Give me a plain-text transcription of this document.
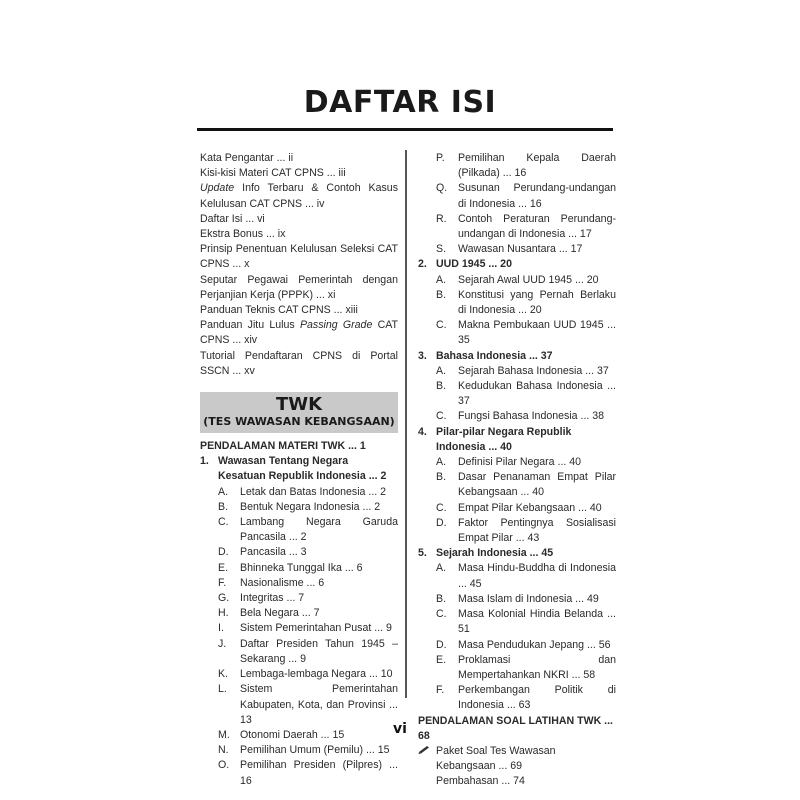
DAFTAR ISI
Kata Pengantar ... ii
Kisi-kisi Materi CAT CPNS ... iii
Update Info Terbaru & Contoh Kasus Kelulusan CAT CPNS ... iv
Daftar Isi ... vi
Ekstra Bonus ... ix
Prinsip Penentuan Kelulusan Seleksi CAT CPNS ... x
Seputar Pegawai Pemerintah dengan Perjanjian Kerja (PPPK) ... xi
Panduan Teknis CAT CPNS ... xiii
Panduan Jitu Lulus Passing Grade CAT CPNS ... xiv
Tutorial Pendaftaran CPNS di Portal SSCN ... xv
TWK
(TES WAWASAN KEBANGSAAN)
PENDALAMAN MATERI TWK ... 1
1. Wawasan Tentang Negara Kesatuan Republik Indonesia ... 2
A.	Letak dan Batas Indonesia ... 2
B.	Bentuk Negara Indonesia ... 2
C.	Lambang Negara Garuda Pancasila ... 2
D.	Pancasila ... 3
E.	Bhinneka Tunggal Ika ... 6
F.	Nasionalisme ... 6
G.	Integritas ... 7
H.	Bela Negara ... 7
I.	Sistem Pemerintahan Pusat ... 9
J.	Daftar Presiden Tahun 1945 – Sekarang ... 9
K.	Lembaga-lembaga Negara ... 10
L.	Sistem Pemerintahan Kabupaten, Kota, dan Provinsi ... 13
M. Otonomi Daerah ... 15
N.	Pemilihan Umum (Pemilu) ... 15
O.	Pemilihan Presiden (Pilpres) ... 16
P.	Pemilihan Kepala Daerah (Pilkada) ... 16
Q.	Susunan Perundang-undangan di Indonesia ... 16
R.	Contoh Peraturan Perundang-undangan di Indonesia ... 17
S.	Wawasan Nusantara ... 17
2. UUD 1945 ... 20
A.	Sejarah Awal UUD 1945 ... 20
B.	Konstitusi yang Pernah Berlaku di Indonesia ... 20
C.	Makna Pembukaan UUD 1945 ... 35
3. Bahasa Indonesia ... 37
A.	Sejarah Bahasa Indonesia ... 37
B.	Kedudukan Bahasa Indonesia ... 37
C.	Fungsi Bahasa Indonesia ... 38
4. Pilar-pilar Negara Republik Indonesia ... 40
A.	Definisi Pilar Negara ... 40
B.	Dasar Penanaman Empat Pilar Kebangsaan ... 40
C.	Empat Pilar Kebangsaan ... 40
D.	Faktor Pentingnya Sosialisasi Empat Pilar ... 43
5. Sejarah Indonesia ... 45
A.	Masa Hindu-Buddha di Indonesia ... 45
B.	Masa Islam di Indonesia ... 49
C.	Masa Kolonial Hindia Belanda ... 51
D.	Masa Pendudukan Jepang ... 56
E.	Proklamasi dan Mempertahankan NKRI ... 58
F.	Perkembangan Politik di Indonesia ... 63
PENDALAMAN SOAL LATIHAN TWK ... 68
Paket Soal Tes Wawasan Kebangsaan ... 69
Pembahasan ... 74
vi
